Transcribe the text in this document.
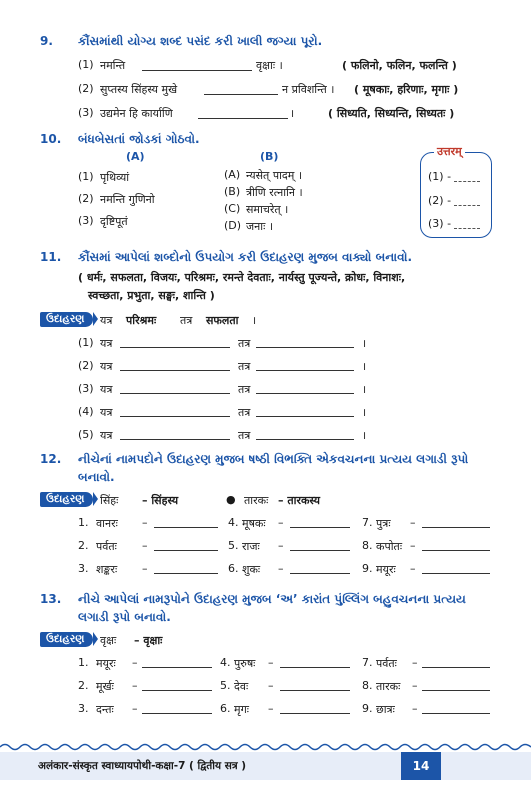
9. કૌંસમાંથી યોગ્ય શબ્દ પસંદ કરી ખાલી જગ્યા પૂરો.
(1) नमन्ति	वृक्षाः ।	( फलिनो, फलिन, फलन्ति )
(2) सुप्तस्य सिंहस्य मुखे	न प्रविशन्ति । ( मूषकाः, हरिणाः, मृगाः )
(3) उद्यमेन हि कार्याणि	।	( सिध्यति, सिध्यन्ति, सिध्यतः )
10. બંધબેસતાં જોડકાં ગોઠવો.
(A)	(B)
(1) पृथिव्यां
(2) नमन्ति गुणिनो
(3) दृष्टिपूतं
(A) न्यसेत् पादम् ।
(B) त्रीणि रत्नानि ।
(C) समाचरेत् ।
(D) जनाः ।
उत्तरम्
(1) -
(2) -
(3) -
11. કૌંસમાં આપેલાં શબ્દોનો ઉપયોગ કરી ઉદાહરણ મુજબ વાક્યો બનાવો.
( धर्मः, सफलता, विजयः, परिश्रमः, रमन्ते देवताः, नार्यस्तु पूज्यन्ते, क्रोधः, विनाशः,
स्वच्छता, प्रभुता, सङ्घः, शान्ति )
ઉદાહરણ	यत्र परिश्रमः तत्र सफलता ।
(1) यत्र	तत्र	।
(2) यत्र	तत्र	।
(3) यत्र	तत्र	।
(4) यत्र	तत्र	।
(5) यत्र	तत्र	।
12. નીચેનાં નામપદોને ઉદાહરણ મુજબ ષષ્ઠી વિભક્તિ એકવચનના પ્રત્યય લગાડી રૂપો
બનાવો.
ઉદાહરણ	सिंहः – सिंहस्य	● तारकः – तारकस्य
1. वानरः –	4. मूषकः –	7. पुत्रः –
2. पर्वतः –	5. राजः –	8. कपोतः –
3. शङ्करः –	6. शुकः –	9. मयूरः –
13. નીચે આપેલાં નામરૂપોને ઉદાહરણ મુજબ ‘અ’ કારાંત પુંલ્લિંગ બહુવચનના પ્રત્યય
લગાડી રૂપો બનાવો.
ઉદાહરણ	वृक्षः – वृक्षाः
1. मयूरः –	4. पुरुषः –	7. पर्वतः –
2. मूर्खः –	5. देवः –	8. तारकः –
3. दन्तः –	6. मृगः –	9. छात्रः –
अलंकार-संस्कृत स्वाध्यायपोथी-कक्षा-7 ( द्वितीय सत्र )	14
